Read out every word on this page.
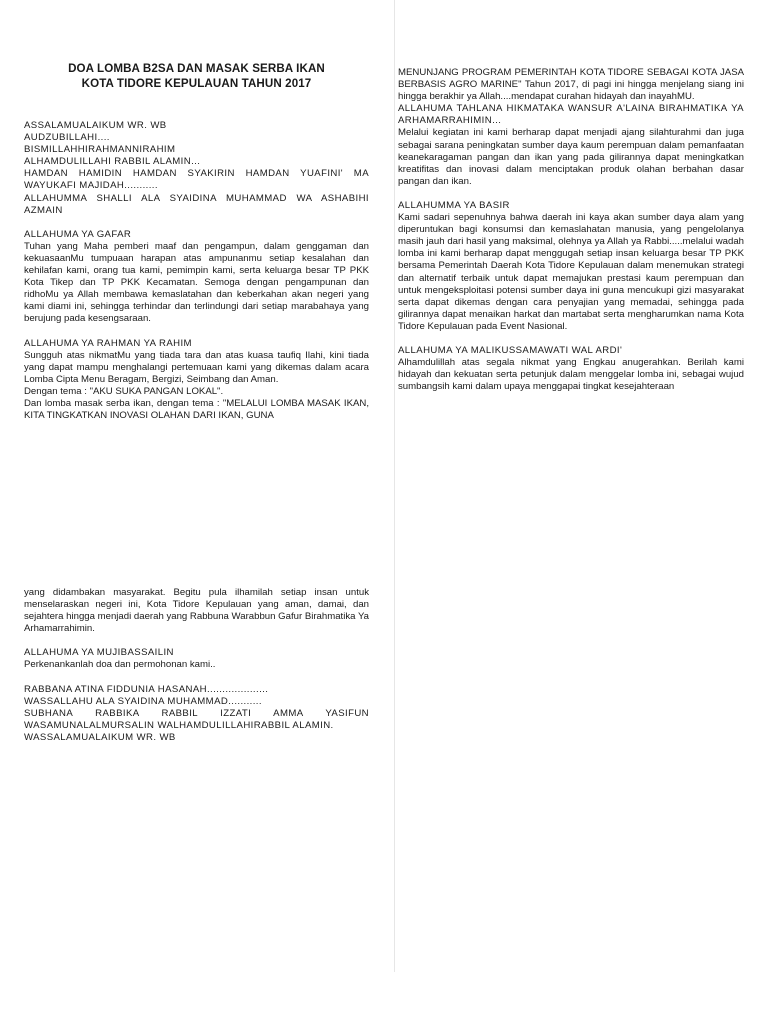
DOA LOMBA B2SA DAN MASAK SERBA IKAN
KOTA TIDORE KEPULAUAN TAHUN 2017
ASSALAMUALAIKUM WR. WB
AUDZUBILLAHI....
BISMILLAHHIRAHMANNIRAHIM
ALHAMDULILLAHI RABBIL ALAMIN...

HAMDAN HAMIDIN HAMDAN SYAKIRIN HAMDAN YUAFINI' MA WAYUKAFI MAJIDAH...........

ALLAHUMMA SHALLI ALA SYAIDINA MUHAMMAD WA ASHABIHI AZMAIN

ALLAHUMA YA GAFAR

Tuhan yang Maha pemberi maaf dan pengampun, dalam genggaman dan kekuasaanMu tumpuaan harapan atas ampunanmu setiap kesalahan dan kehilafan kami, orang tua kami, pemimpin kami, serta keluarga besar TP PKK Kota Tikep dan TP PKK Kecamatan. Semoga dengan pengampunan dan ridhoMu ya Allah membawa kemaslatahan dan keberkahan akan negeri yang kami diami ini, sehingga terhindar dan terlindungi dari setiap marabahaya yang berujung pada kesengsaraan.

ALLAHUMA YA RAHMAN YA RAHIM

Sungguh atas nikmatMu yang tiada tara dan atas kuasa taufiq Ilahi, kini tiada yang dapat mampu menghalangi pertemuaan kami yang dikemas dalam acara Lomba Cipta Menu Beragam, Bergizi, Seimbang dan Aman.

Dengan tema : "AKU SUKA PANGAN LOKAL".

Dan lomba masak serba ikan, dengan tema : "MELALUI LOMBA MASAK IKAN, KITA TINGKATKAN INOVASI OLAHAN DARI IKAN, GUNA

MENUNJANG PROGRAM PEMERINTAH KOTA TIDORE SEBAGAI KOTA JASA BERBASIS AGRO MARINE" Tahun 2017, di pagi ini hingga menjelang siang ini hingga berakhir ya Allah....mendapat curahan hidayah dan inayahMU.

ALLAHUMA TAHLANA HIKMATAKA WANSUR A'LAINA BIRAHMATIKA YA ARHAMARRAHIMIN...

Melalui kegiatan ini kami berharap dapat menjadi ajang silahturahmi dan juga sebagai sarana peningkatan sumber daya kaum perempuan dalam pemanfaatan keanekaragaman pangan dan ikan yang pada gilirannya dapat meningkatkan kreatifitas dan inovasi dalam menciptakan produk olahan berbahan dasar pangan dan ikan.

ALLAHUMMA YA BASIR

Kami sadari sepenuhnya bahwa daerah ini kaya akan sumber daya alam yang diperuntukan bagi konsumsi dan kemaslahatan manusia, yang pengelolanya masih jauh dari hasil yang maksimal, olehnya ya Allah ya Rabbi.....melalui wadah lomba ini kami berharap dapat menggugah setiap insan keluarga besar TP PKK bersama Pemerintah Daerah Kota Tidore Kepulauan dalam menemukan strategi dan alternatif terbaik untuk dapat memajukan prestasi kaum perempuan dan untuk mengeksploitasi potensi sumber daya ini guna mencukupi gizi masyarakat serta dapat dikemas dengan cara penyajian yang memadai, sehingga pada gilirannya dapat menaikan harkat dan martabat serta mengharumkan nama Kota Tidore Kepulauan pada Event Nasional.

ALLAHUMA YA MALIKUSSAMAWATI WAL ARDI'

Alhamdulillah atas segala nikmat yang Engkau anugerahkan. Berilah kami hidayah dan kekuatan serta petunjuk dalam menggelar lomba ini, sebagai wujud sumbangsih kami dalam upaya menggapai tingkat kesejahteraan

yang didambakan masyarakat. Begitu pula ilhamilah setiap insan untuk menselaraskan negeri ini, Kota Tidore Kepulauan yang aman, damai, dan sejahtera hingga menjadi daerah yang Rabbuna Warabbun Gafur Birahmatika Ya Arhamarrahimin.

ALLAHUMA YA MUJIBASSAILIN
Perkenankanlah doa dan permohonan kami..
RABBANA ATINA FIDDUNIA HASANAH....................
WASSALLAHU ALA SYAIDINA MUHAMMAD...........

SUBHANA RABBIKA RABBIL IZZATI AMMA YASIFUN WASAMUNALALMURSALIN WALHAMDULILLAHIRABBIL ALAMIN.

WASSALAMUALAIKUM WR. WB
